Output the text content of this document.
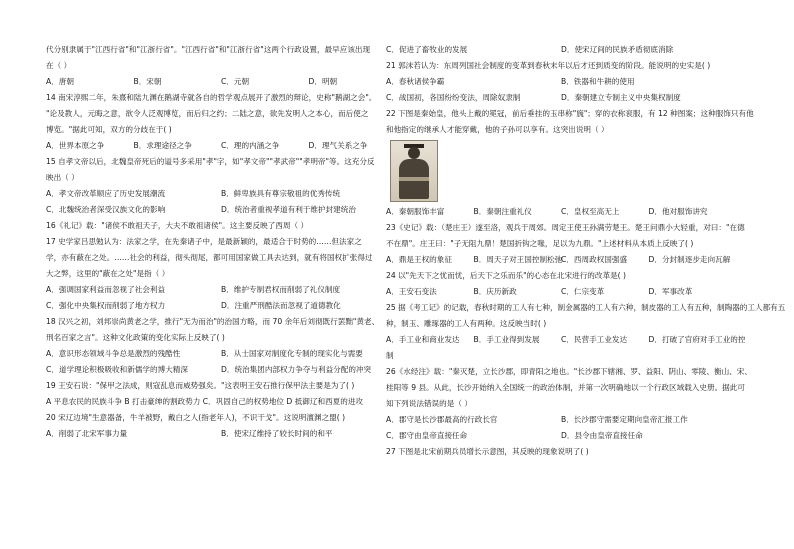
代分别隶属于"江西行省"和"江浙行省"。"江西行省"和"江浙行省"这两个行政设置，最早应该出现
在（ ）
A．唐朝	B．宋朝	C．元朝	D．明朝
14 南宋淳熙二年，朱熹和陆九渊在鹅湖寺就各自的哲学观点展开了激烈的辩论，史称"鹅湖之会"。
"论及教人，元晦之意，欲令人泛观博览，而后归之约；二陆之意，欲先发明人之本心，而后使之
博览。"据此可知，双方的分歧在于( )
A．世界本原之争	B．求理途径之争	C．理的内涵之争	D．理气关系之争
15 自孝文帝以后，北魏皇帝死后的谥号多采用"孝"字，如"孝文帝""孝武帝""孝明帝"等。这充分反
映出（ ）
A．孝文帝改革顺应了历史发展潮流	B．鲜卑族具有尊宗敬祖的优秀传统
C．北魏统治者深受汉族文化的影响	D．统治者重视孝道有利于维护封建统治
16《礼记》载："诸侯不敢祖天子，大夫不敢祖诸侯"。这主要反映了西周（ ）
17 史学家吕思勉认为：法家之学，在先秦诸子中，是最新颖的，最适合于时势的……但法家之
学，亦有蔽在之处。……社会的利益，彻头彻尾，都可用国家做工具去达到，就有将国权扩张得过
大之弊，这里的"蔽在之处"是指（ ）
A．强调国家利益而忽视了社会利益	B．维护专制君权而削弱了礼仪制度
C．强化中央集权而削弱了地方权力	D．注重严刑酷法而忽视了道德教化
18 汉兴之初，刘邦崇尚黄老之学，推行"无为而治"的治国方略，而 70 余年后刘彻既行罢黜"黄老、
刑名百家之言"。这种文化政策的变化实际上反映了( )
A．意识形态领域斗争总是激烈的残酷性	B．从士国家对制度化专制的现实化与需要
C．道学理论积极吸收和新儒学的博大精深	D．统治集团内部权力争夺与利益分配的冲突
19 王安石说："保甲之法成，则寇乱息而威势强矣。"这表明王安石推行保甲法主要是为了( )
A 平息农民的民族斗争 B 打击豪绅的割政势力 C．巩固自己的权势地位 D 抵御辽和西夏的进攻
20 宋辽边境"生意器备，牛羊被野，戴白之人(指老年人)，不识干戈"。这说明澶渊之盟( )
A．削弱了北宋军事力量	B．使宋辽维持了较长时间的和平
C．促进了畜牧业的发展	D．使宋辽间的民族矛盾彻底消除
21 郭沫若认为：东周列国社会制度的变革到春秋末年以后才还到质变的阶段。能说明的史实是( )
A．春秋诸侯争霸	B．铁器和牛耕的使用
C．战国初，各国纷纷变法，周除奴隶制	D．秦朝建立专制主义中央集权制度
22 下图是秦始皇，他头上戴的冕冠，前后垂挂的玉串称"旒"；穿的衣称衮服，有 12 种图案；这种服饰只有他
和他指定的继承人才能穿戴，他的子孙可以享有。这突出说明（ ）
A．秦朝服饰丰富	B．秦朝注重礼仪	C．皇权至高无上	D．他对服饰讲究
23《史记》载：（楚庄王）遂至洛，观兵于周郊。周定王使王孙满劳楚王。楚王问鼎小大轻重，对曰："在德
不在鼎"。庄王曰："子无阻九鼎！楚国折钩之喙，足以为九鼎。"上述材料从本质上反映了( )
A．鼎是王权的象征	B．周天子对王国控制松弛
C．西周政权国强盛	D．分封制逐步走向瓦解
24 以"先天下之忧而忧，后天下之乐而乐"的心态在北宋进行的改革是( )
A．王安石变法	B．庆历新政	C．仁宗变革	D．军事改革
25 据《考工记》的记载，春秋时期的工人有七种，制金属器的工人有六种，制皮器的工人有五种，制陶器的工人都有五
种，制玉、雕琢器的工人有两种。这反映当时( )
A．手工业和商业发达	B．手工业得到发展	C．民营手工业发达	D．打破了官府对手工业的控
制
26《水经注》载："秦灭楚，立长沙郡，即青阳之地也。"长沙郡下辖湘、罗、益阳、阴山、零陵、衡山、宋、
桂阳等 9 县。从此，长沙开始纳入全国统一的政治体制，并第一次明确地以一个行政区域载入史册。据此可
知下列说法错误的是（ ）
A．郡守是长沙郡最高的行政长官	B．长沙郡守需要定期向皇帝汇报工作
C．郡守由皇帝直接任命	D．县令由皇帝直接任命
27 下图是北宋前期兵员增长示意图，其反映的现象说明了( )
